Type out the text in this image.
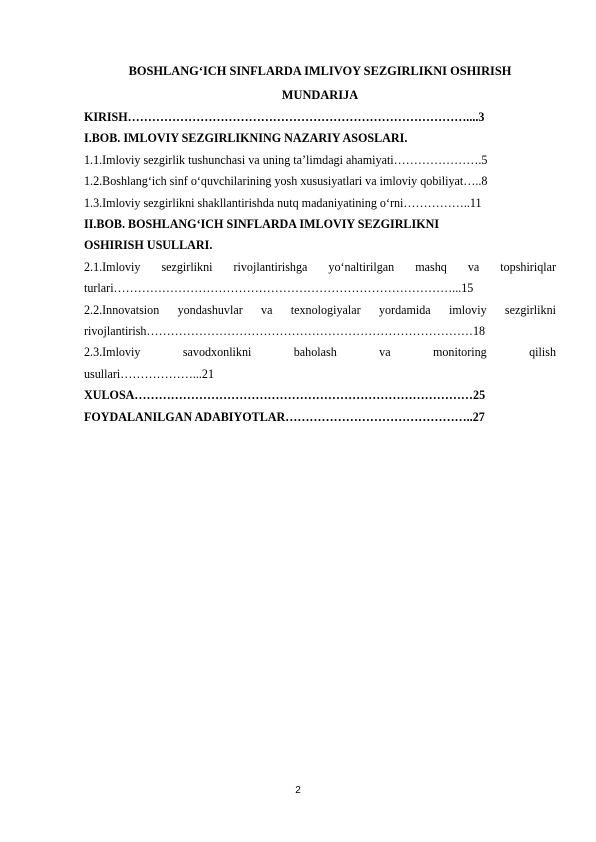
BOSHLANG‘ICH SINFLARDA IMLIVOY SEZGIRLIKNI OSHIRISH
MUNDARIJA
KIRISH…………………………………………………………………………....3
I.BOB. IMLOVIY SEZGIRLIKNING NAZARIY ASOSLARI.
1.1.Imloviy sezgirlik tushunchasi va uning ta’limdagi ahamiyati………………….5
1.2.Boshlang‘ich sinf o‘quvchilarining yosh xususiyatlari va imloviy qobiliyat…..8
1.3.Imloviy sezgirlikni shakllantirishda nutq madaniyatining o‘rni……………..11
II.BOB. BOSHLANG‘ICH SINFLARDA IMLOVIY SEZGIRLIKNI
OSHIRISH USULLARI.
2.1.Imloviy sezgirlikni rivojlantirishga yo‘naltirilgan mashq va topshiriqlar
turlari…………………………………………………………………………...15
2.2.Innovatsion yondashuvlar va texnologiyalar yordamida imloviy sezgirlikni
rivojlantirish………………………………………………………………………18
2.3.Imloviy savodxonlikni baholash va monitoring qilish
usullari………………...21
XULOSA…………………………………………………………………………25
FOYDALANILGAN ADABIYOTLAR………………………………………..27
2
